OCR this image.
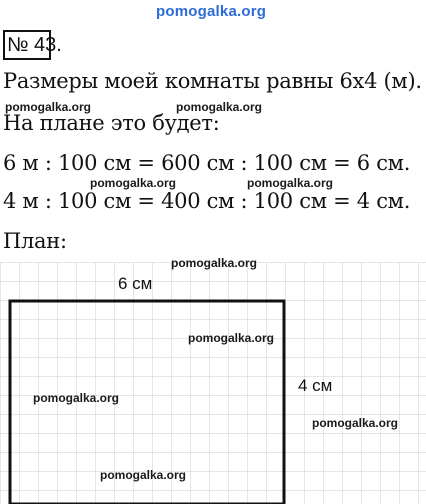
pomogalka.org
№ 43.
Размеры моей комнаты равны 6x4 (м).
На плане это будет:
6 м : 100 см = 600 см : 100 см = 6 см.
4 м : 100 см = 400 см : 100 см = 4 см.
План:
6 см
4 см
pomogalka.org	pomogalka.org
pomogalka.org	pomogalka.org
pomogalka.org
pomogalka.org
pomogalka.org
pomogalka.org
pomogalka.org
